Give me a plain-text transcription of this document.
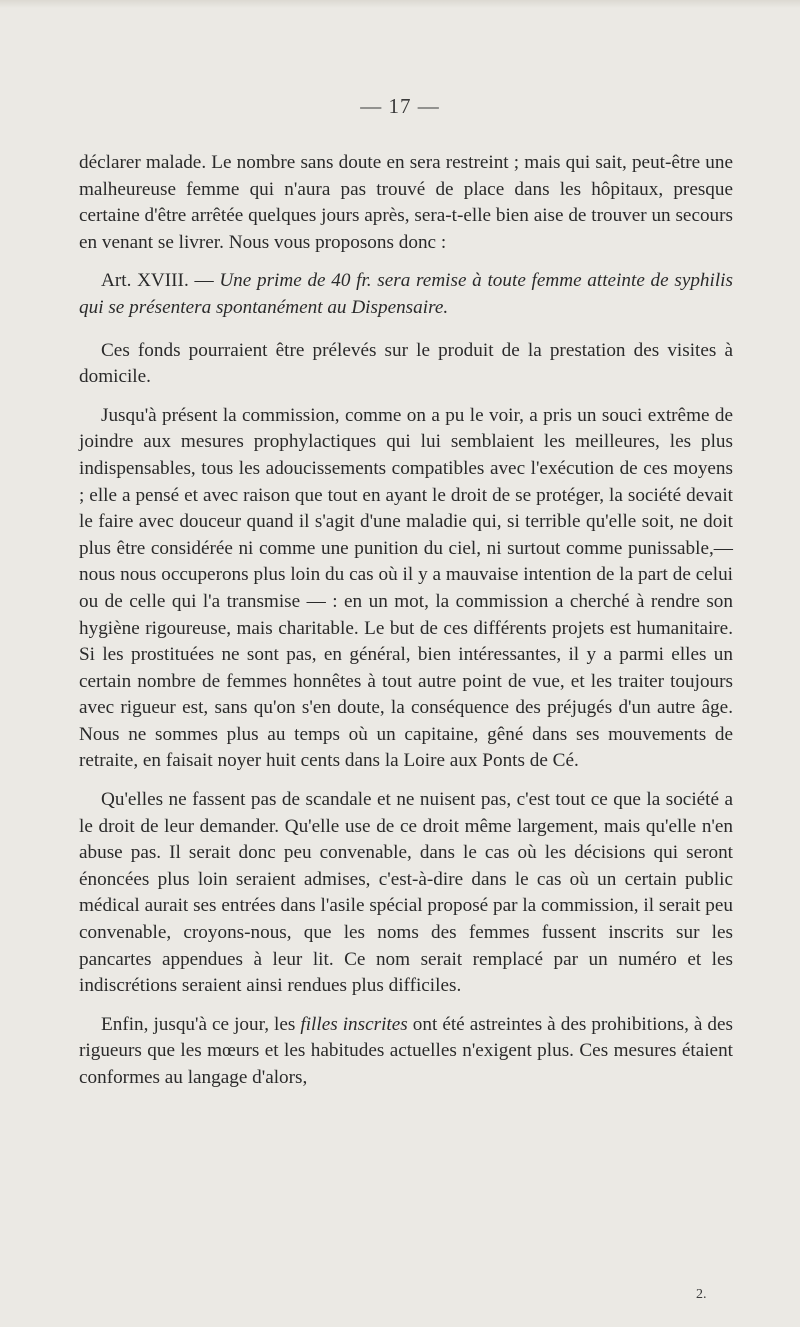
— 17 —

déclarer malade. Le nombre sans doute en sera restreint ; mais qui sait, peut-être une malheureuse femme qui n'aura pas trouvé de place dans les hôpitaux, presque certaine d'être arrêtée quelques jours après, sera-t-elle bien aise de trouver un secours en venant se livrer. Nous vous proposons donc :

Art. XVIII. — Une prime de 40 fr. sera remise à toute femme atteinte de syphilis qui se présentera spontanément au Dispensaire.

Ces fonds pourraient être prélevés sur le produit de la prestation des visites à domicile.

Jusqu'à présent la commission, comme on a pu le voir, a pris un souci extrême de joindre aux mesures prophylactiques qui lui semblaient les meilleures, les plus indispensables, tous les adoucissements compatibles avec l'exécution de ces moyens ; elle a pensé et avec raison que tout en ayant le droit de se protéger, la société devait le faire avec douceur quand il s'agit d'une maladie qui, si terrible qu'elle soit, ne doit plus être considérée ni comme une punition du ciel, ni surtout comme punissable,— nous nous occuperons plus loin du cas où il y a mauvaise intention de la part de celui ou de celle qui l'a transmise — : en un mot, la commission a cherché à rendre son hygiène rigoureuse, mais charitable. Le but de ces différents projets est humanitaire. Si les prostituées ne sont pas, en général, bien intéressantes, il y a parmi elles un certain nombre de femmes honnêtes à tout autre point de vue, et les traiter toujours avec rigueur est, sans qu'on s'en doute, la conséquence des préjugés d'un autre âge. Nous ne sommes plus au temps où un capitaine, gêné dans ses mouvements de retraite, en faisait noyer huit cents dans la Loire aux Ponts de Cé.

Qu'elles ne fassent pas de scandale et ne nuisent pas, c'est tout ce que la société a le droit de leur demander. Qu'elle use de ce droit même largement, mais qu'elle n'en abuse pas. Il serait donc peu convenable, dans le cas où les décisions qui seront énoncées plus loin seraient admises, c'est-à-dire dans le cas où un certain public médical aurait ses entrées dans l'asile spécial proposé par la commission, il serait peu convenable, croyons-nous, que les noms des femmes fussent inscrits sur les pancartes appendues à leur lit. Ce nom serait remplacé par un numéro et les indiscrétions seraient ainsi rendues plus difficiles.

Enfin, jusqu'à ce jour, les filles inscrites ont été astreintes à des prohibitions, à des rigueurs que les mœurs et les habitudes actuelles n'exigent plus. Ces mesures étaient conformes au langage d'alors,

2.
